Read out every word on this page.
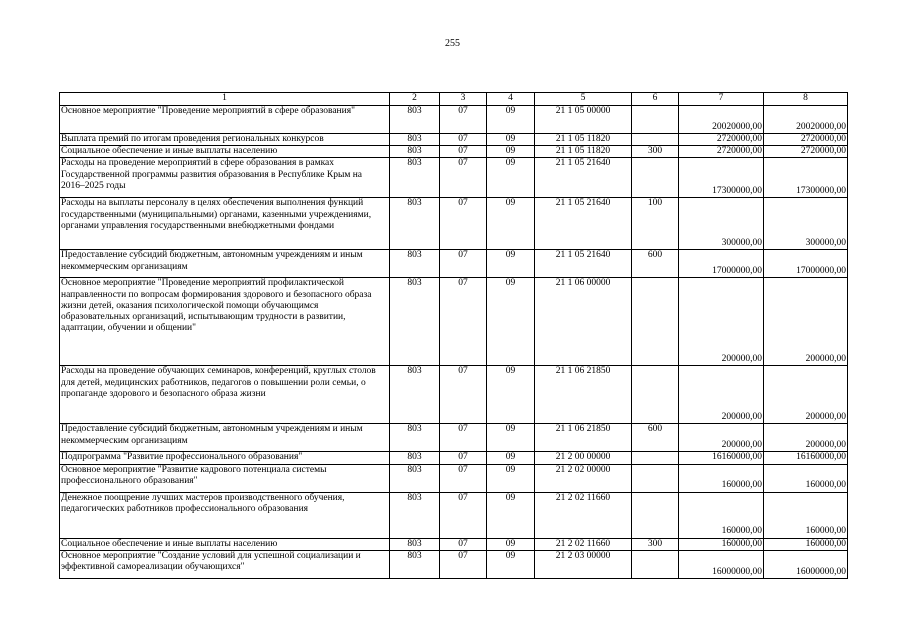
255
1	2	3	4	5	6	7	8
Основное мероприятие "Проведение мероприятий в сфере образования"	803	07	09	21 1 05 00000		20020000,00	20020000,00
Выплата премий по итогам проведения региональных конкурсов	803	07	09	21 1 05 11820		2720000,00	2720000,00
Социальное обеспечение и иные выплаты населению	803	07	09	21 1 05 11820	300	2720000,00	2720000,00
Расходы на проведение мероприятий в сфере образования в рамках Государственной программы развития образования в Республике Крым на 2016–2025 годы	803	07	09	21 1 05 21640		17300000,00	17300000,00
Расходы на выплаты персоналу в целях обеспечения выполнения функций государственными (муниципальными) органами, казенными учреждениями, органами управления государственными внебюджетными фондами	803	07	09	21 1 05 21640	100	300000,00	300000,00
Предоставление субсидий бюджетным, автономным учреждениям и иным некоммерческим организациям	803	07	09	21 1 05 21640	600	17000000,00	17000000,00
Основное мероприятие "Проведение мероприятий профилактической направленности по вопросам формирования здорового и безопасного образа жизни детей, оказания психологической помощи обучающимся образовательных организаций, испытывающим трудности в развитии, адаптации, обучении и общении"	803	07	09	21 1 06 00000		200000,00	200000,00
Расходы на проведение обучающих семинаров, конференций, круглых столов для детей, медицинских работников, педагогов о повышении роли семьи, о пропаганде здорового и безопасного образа жизни	803	07	09	21 1 06 21850		200000,00	200000,00
Предоставление субсидий бюджетным, автономным учреждениям и иным некоммерческим организациям	803	07	09	21 1 06 21850	600	200000,00	200000,00
Подпрограмма "Развитие профессионального образования"	803	07	09	21 2 00 00000		16160000,00	16160000,00
Основное мероприятие "Развитие кадрового потенциала системы профессионального образования"	803	07	09	21 2 02 00000		160000,00	160000,00
Денежное поощрение лучших мастеров производственного обучения, педагогических работников профессионального образования	803	07	09	21 2 02 11660		160000,00	160000,00
Социальное обеспечение и иные выплаты населению	803	07	09	21 2 02 11660	300	160000,00	160000,00
Основное мероприятие "Создание условий для успешной социализации и эффективной самореализации обучающихся"	803	07	09	21 2 03 00000		16000000,00	16000000,00
